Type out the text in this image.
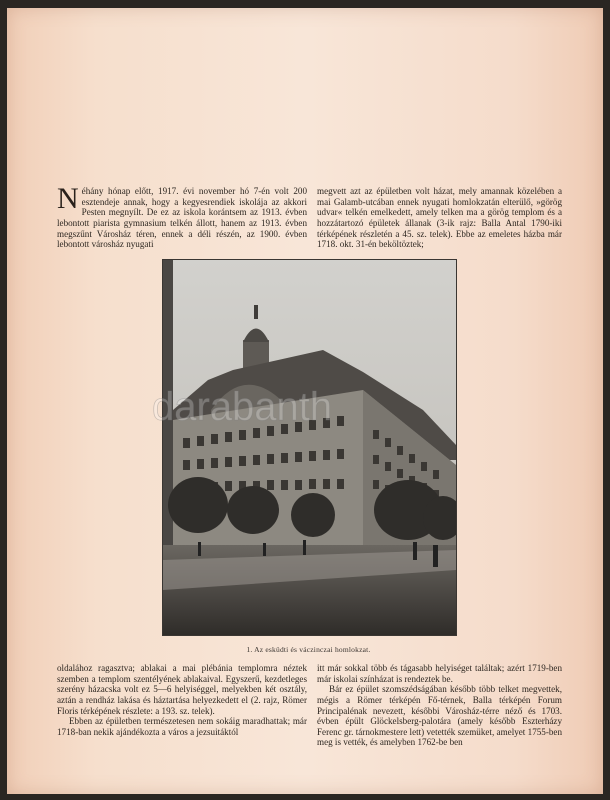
N éhány hónap előtt, 1917. évi november hó 7-én volt 200 esztendeje annak, hogy a kegyesrendiek iskolája az akkori Pesten megnyílt. De ez az iskola korántsem az 1913. évben lebontott piarista gymnasium telkén állott, hanem az 1913. évben megszűnt Városház téren, ennek a déli részén, az 1900. évben lebontott városház nyugati

megvett azt az épületben volt házat, mely amannak közelében a mai Galamb-utcában ennek nyugati homlokzatán elterülő, »görög udvar« telkén emelkedett, amely telken ma a görög templom és a hozzátartozó épületek állanak (3-ik rajz: Balla Antal 1790-iki térképének részletén a 45. sz. telek). Ebbe az emeletes házba már 1718. okt. 31-én beköltöztek;

1. Az esküdti és váczinczai homlokzat.

oldalához ragasztva; ablakai a mai plébánia templomra néztek szemben a templom szentélyének ablakaival. Egyszerű, kezdetleges szerény házacska volt ez 5—6 helyiséggel, melyekben két osztály, aztán a rendház lakása és háztartása helyezkedett el (2. rajz, Römer Floris térképének részlete: a 193. sz. telek).

Ebben az épületben természetesen nem sokáig maradhattak; már 1718-ban nekik ajándékozta a város a jezsuitáktól

itt már sokkal több és tágasabb helyiséget találtak; azért 1719-ben már iskolai színházat is rendeztek be.

Bár ez épület szomszédságában később több telket megvettek, mégis a Römer térképén Fő-térnek, Balla térképén Forum Principalénak nevezett, későbbi Városház-térre néző és 1703. évben épült Glöckelsberg-palotára (amely később Eszterházy Ferenc gr. tárnokmestere lett) vetették szemüket, amelyet 1755-ben meg is vették, és amelyben 1762-be ben

darabanth
